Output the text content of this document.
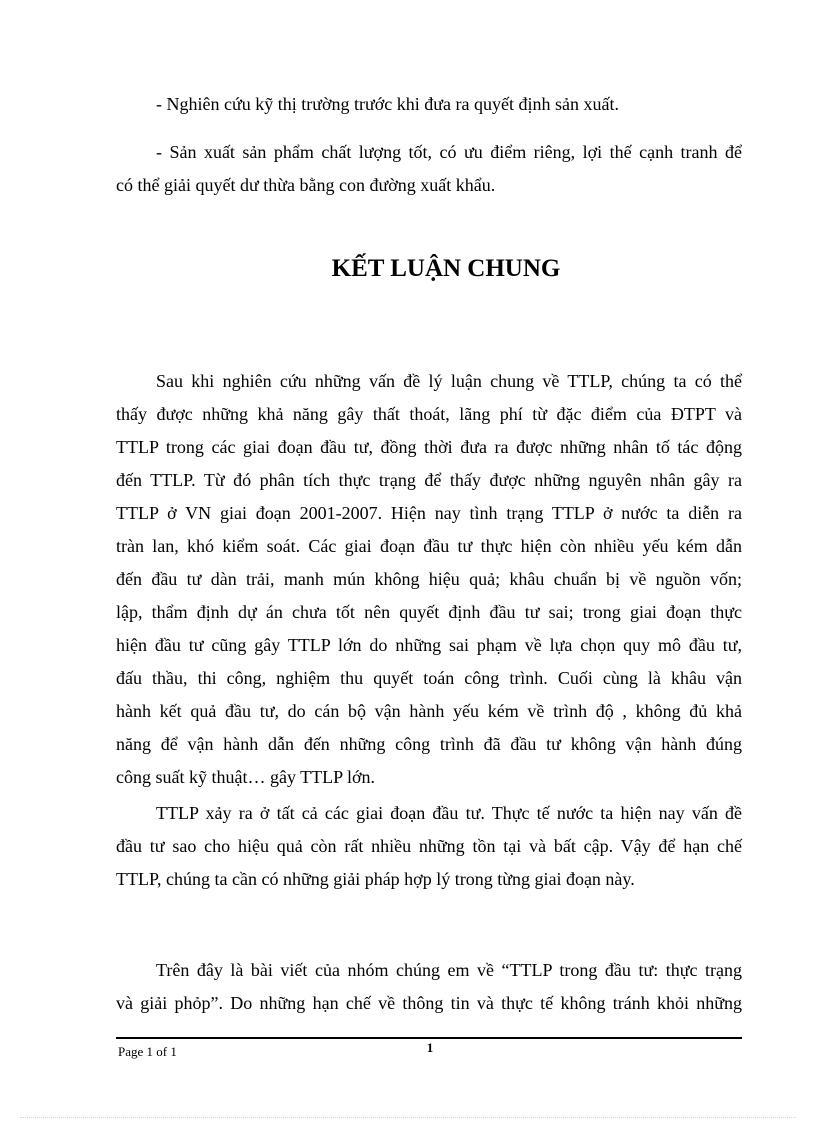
- Nghiên cứu kỹ thị trường trước khi đưa ra quyết định sản xuất.

- Sản xuất sản phẩm chất lượng tốt, có ưu điểm riêng, lợi thế cạnh tranh để
có thể giải quyết dư thừa bằng con đường xuất khẩu.

KẾT LUẬN CHUNG

Sau khi nghiên cứu những vấn đề lý luận chung về TTLP, chúng ta có thể
thấy được những khả năng gây thất thoát, lãng phí từ đặc điểm của ĐTPT và
TTLP trong các giai đoạn đầu tư, đồng thời đưa ra được những nhân tố tác động
đến TTLP. Từ đó phân tích thực trạng để thấy được những nguyên nhân gây ra
TTLP ở VN giai đoạn 2001-2007. Hiện nay tình trạng TTLP ở nước ta diễn ra
tràn lan, khó kiểm soát. Các giai đoạn đầu tư thực hiện còn nhiều yếu kém dẫn
đến đầu tư dàn trải, manh mún không hiệu quả; khâu chuẩn bị về nguồn vốn;
lập, thẩm định dự án chưa tốt nên quyết định đầu tư sai; trong giai đoạn thực
hiện đầu tư cũng gây TTLP lớn do những sai phạm về lựa chọn quy mô đầu tư,
đấu thầu, thi công, nghiệm thu quyết toán công trình. Cuối cùng là khâu vận
hành kết quả đầu tư, do cán bộ vận hành yếu kém về trình độ , không đủ khả
năng để vận hành dẫn đến những công trình đã đầu tư không vận hành đúng
công suất kỹ thuật… gây TTLP lớn.

TTLP xảy ra ở tất cả các giai đoạn đầu tư. Thực tế nước ta hiện nay vấn đề
đầu tư sao cho hiệu quả còn rất nhiều những tồn tại và bất cập. Vậy để hạn chế
TTLP, chúng ta cần có những giải pháp hợp lý trong từng giai đoạn này.

Trên đây là bài viết của nhóm chúng em về “TTLP trong đầu tư: thực trạng
và giải phỏp”. Do những hạn chế về thông tin và thực tế không tránh khỏi những

Page 1 of 1	1
